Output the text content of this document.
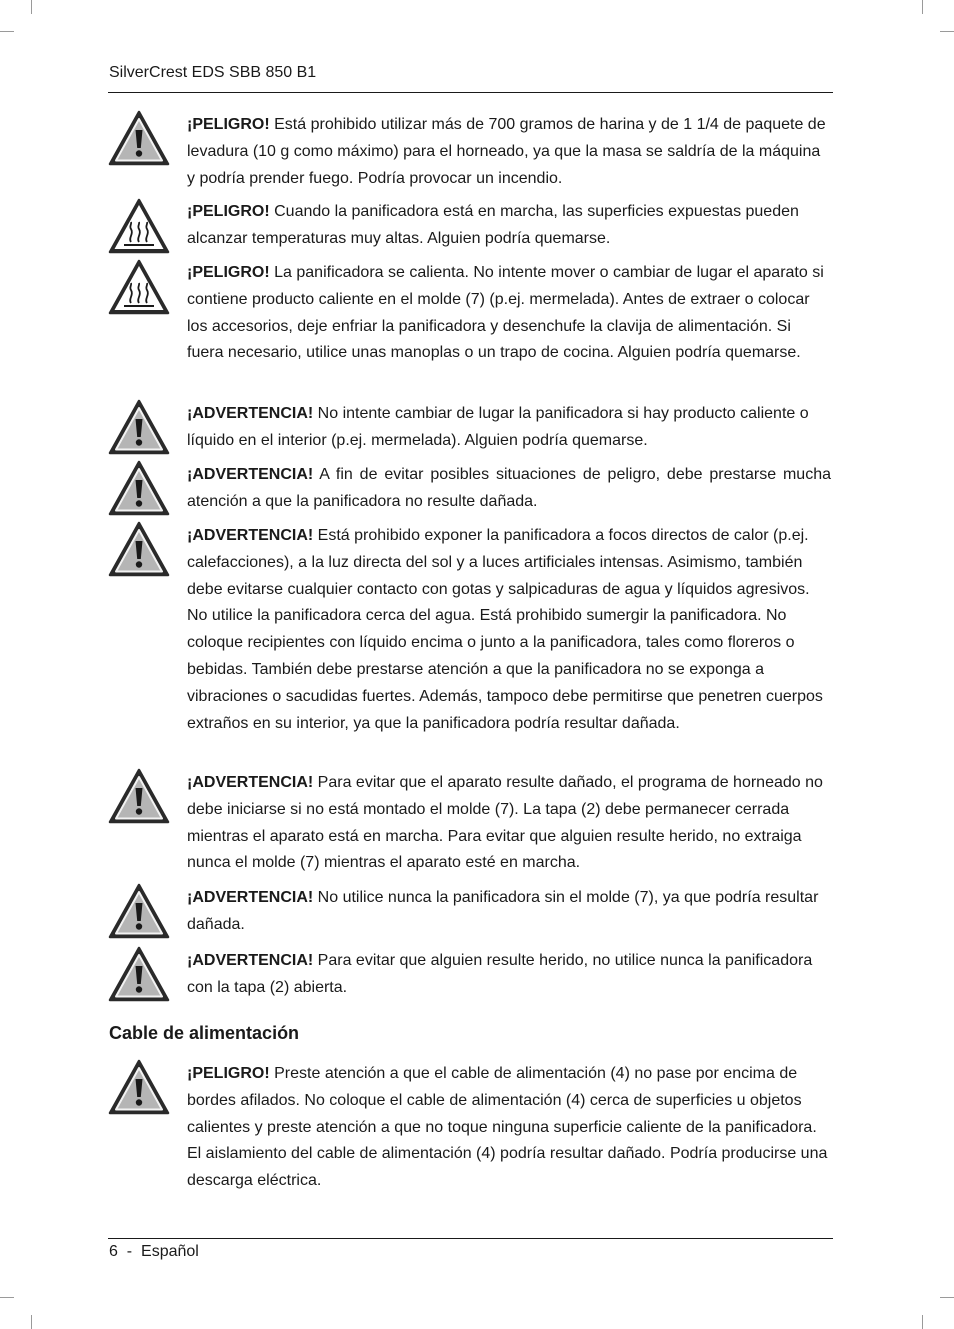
SilverCrest EDS SBB 850 B1

¡PELIGRO! Está prohibido utilizar más de 700 gramos de harina y de 1 1/4 de paquete de levadura (10 g como máximo) para el horneado, ya que la masa se saldría de la máquina y podría prender fuego. Podría provocar un incendio.

¡PELIGRO! Cuando la panificadora está en marcha, las superficies expuestas pueden alcanzar temperaturas muy altas. Alguien podría quemarse.

¡PELIGRO! La panificadora se calienta. No intente mover o cambiar de lugar el aparato si contiene producto caliente en el molde (7) (p.ej. mermelada). Antes de extraer o colocar los accesorios, deje enfriar la panificadora y desenchufe la clavija de alimentación. Si fuera necesario, utilice unas manoplas o un trapo de cocina. Alguien podría quemarse.

¡ADVERTENCIA! No intente cambiar de lugar la panificadora si hay producto caliente o líquido en el interior (p.ej. mermelada). Alguien podría quemarse.

¡ADVERTENCIA! A fin de evitar posibles situaciones de peligro, debe prestarse mucha atención a que la panificadora no resulte dañada.

¡ADVERTENCIA! Está prohibido exponer la panificadora a focos directos de calor (p.ej. calefacciones), a la luz directa del sol y a luces artificiales intensas. Asimismo, también debe evitarse cualquier contacto con gotas y salpicaduras de agua y líquidos agresivos. No utilice la panificadora cerca del agua. Está prohibido sumergir la panificadora. No coloque recipientes con líquido encima o junto a la panificadora, tales como floreros o bebidas. También debe prestarse atención a que la panificadora no se exponga a vibraciones o sacudidas fuertes. Además, tampoco debe permitirse que penetren cuerpos extraños en su interior, ya que la panificadora podría resultar dañada.

¡ADVERTENCIA! Para evitar que el aparato resulte dañado, el programa de horneado no debe iniciarse si no está montado el molde (7). La tapa (2) debe permanecer cerrada mientras el aparato está en marcha. Para evitar que alguien resulte herido, no extraiga nunca el molde (7) mientras el aparato esté en marcha.

¡ADVERTENCIA! No utilice nunca la panificadora sin el molde (7), ya que podría resultar dañada.

¡ADVERTENCIA! Para evitar que alguien resulte herido, no utilice nunca la panificadora con la tapa (2) abierta.

Cable de alimentación

¡PELIGRO! Preste atención a que el cable de alimentación (4) no pase por encima de bordes afilados. No coloque el cable de alimentación (4) cerca de superficies u objetos calientes y preste atención a que no toque ninguna superficie caliente de la panificadora. El aislamiento del cable de alimentación (4) podría resultar dañado. Podría producirse una descarga eléctrica.

6 - Español
